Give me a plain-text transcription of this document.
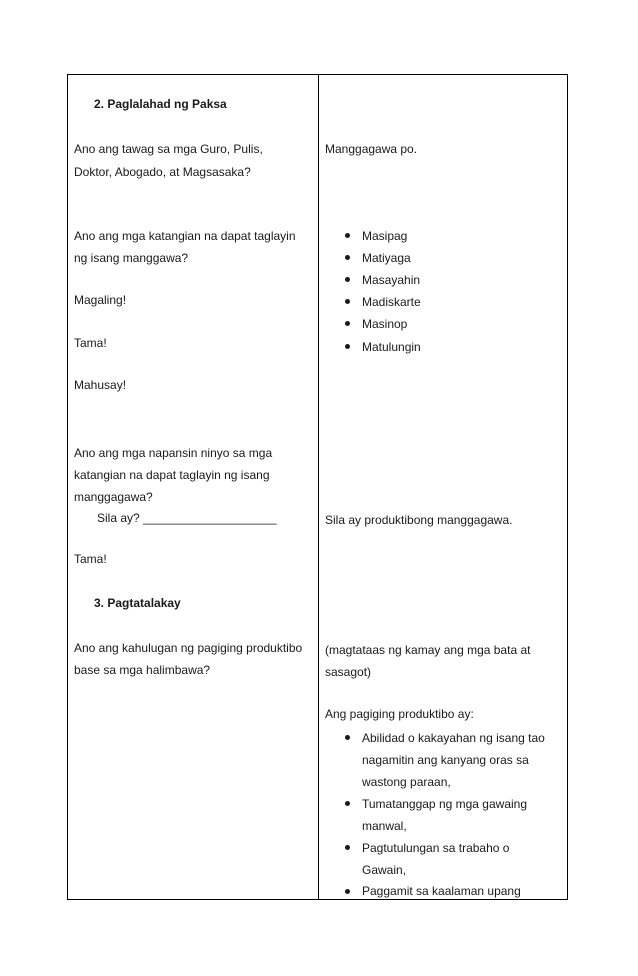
2. Paglalahad ng Paksa
Ano ang tawag sa mga Guro, Pulis,
Doktor, Abogado, at Magsasaka?
Ano ang mga katangian na dapat taglayin
ng isang manggawa?
Magaling!
Tama!
Mahusay!
Ano ang mga napansin ninyo sa mga
katangian na dapat taglayin ng isang
manggagawa?
Sila ay? ____________________
Tama!
3. Pagtatalakay
Ano ang kahulugan ng pagiging produktibo
base sa mga halimbawa?
Manggagawa po.
Masipag
Matiyaga
Masayahin
Madiskarte
Masinop
Matulungin
Sila ay produktibong manggagawa.
(magtataas ng kamay ang mga bata at
sasagot)
Ang pagiging produktibo ay:
Abilidad o kakayahan ng isang tao
nagamitin ang kanyang oras sa
wastong paraan,
Tumatanggap ng mga gawaing
manwal,
Pagtutulungan sa trabaho o
Gawain,
Paggamit sa kaalaman upang
